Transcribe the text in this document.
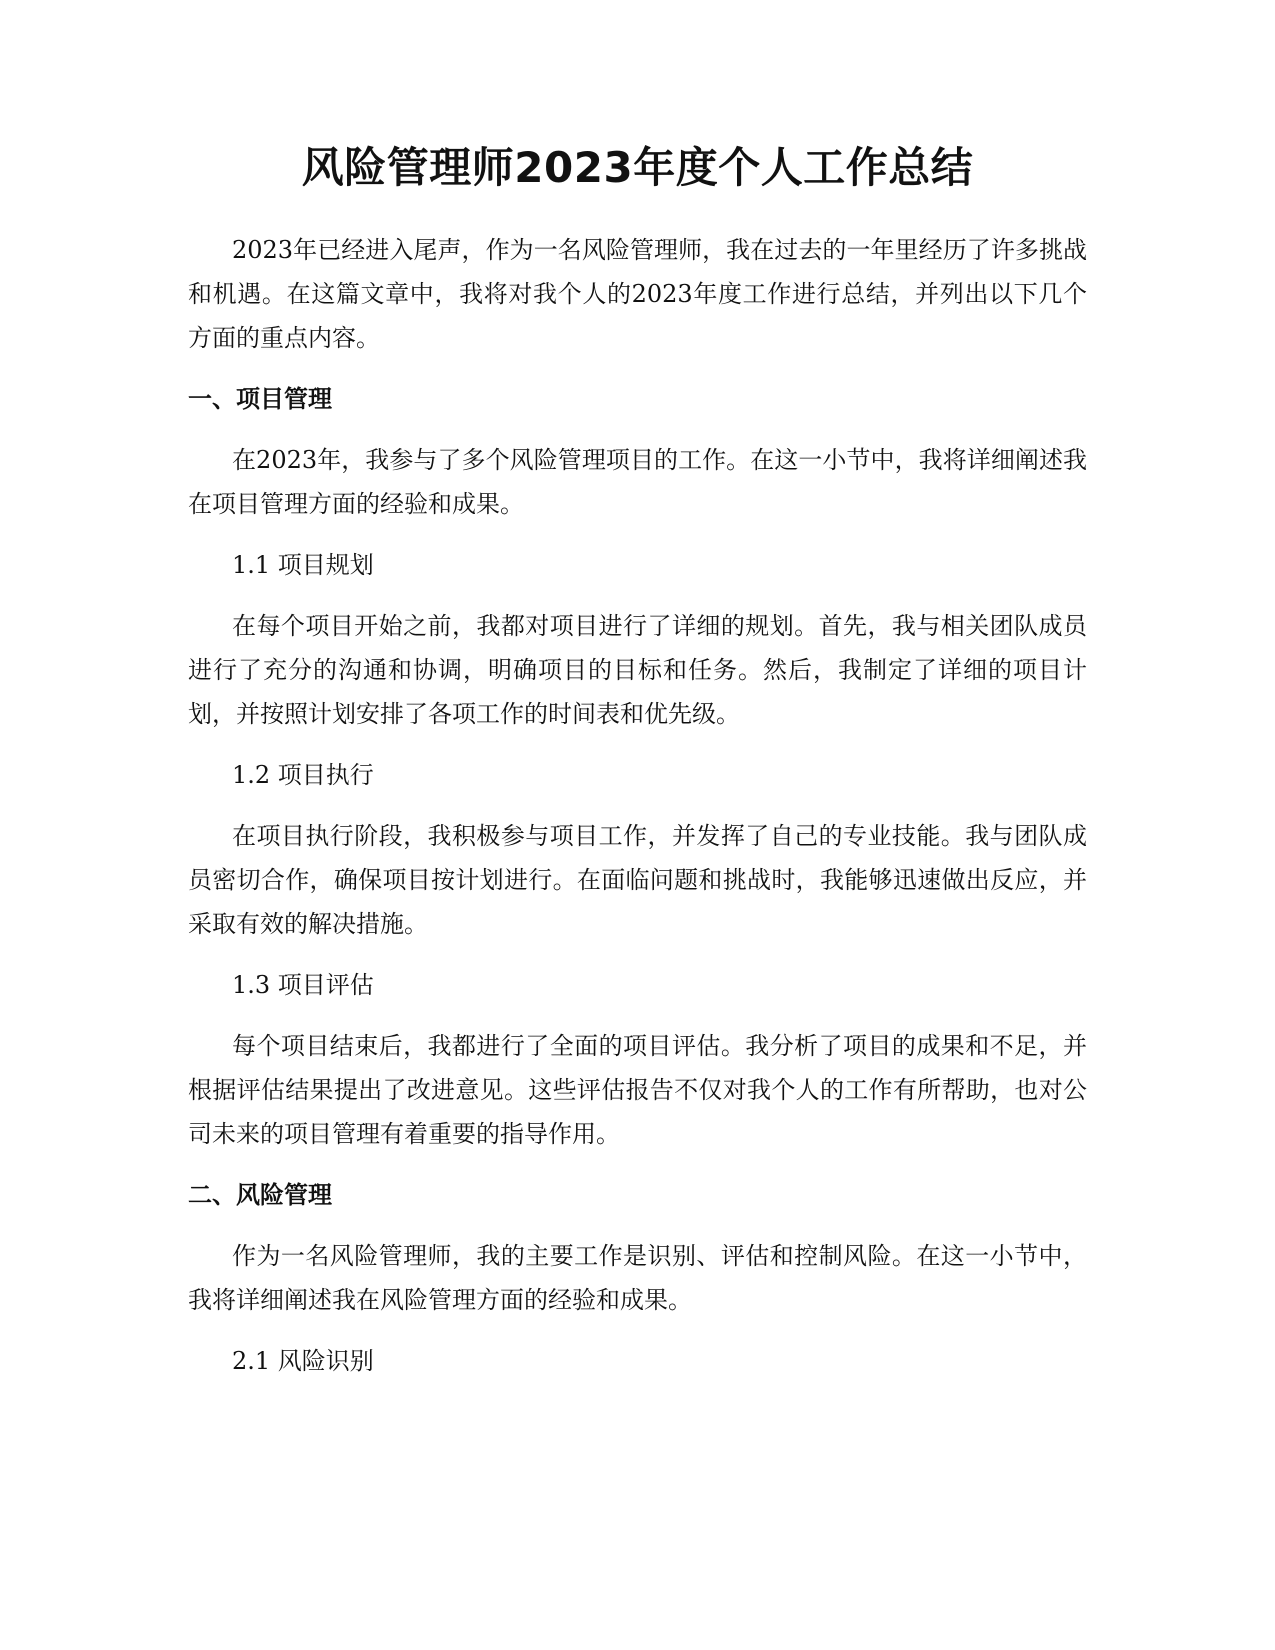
风险管理师2023年度个人工作总结

2023年已经进入尾声，作为一名风险管理师，我在过去的一年里经历了许多挑战和机遇。在这篇文章中，我将对我个人的2023年度工作进行总结，并列出以下几个方面的重点内容。

一、项目管理

在2023年，我参与了多个风险管理项目的工作。在这一小节中，我将详细阐述我在项目管理方面的经验和成果。

1.1 项目规划

在每个项目开始之前，我都对项目进行了详细的规划。首先，我与相关团队成员进行了充分的沟通和协调，明确项目的目标和任务。然后，我制定了详细的项目计划，并按照计划安排了各项工作的时间表和优先级。

1.2 项目执行

在项目执行阶段，我积极参与项目工作，并发挥了自己的专业技能。我与团队成员密切合作，确保项目按计划进行。在面临问题和挑战时，我能够迅速做出反应，并采取有效的解决措施。

1.3 项目评估

每个项目结束后，我都进行了全面的项目评估。我分析了项目的成果和不足，并根据评估结果提出了改进意见。这些评估报告不仅对我个人的工作有所帮助，也对公司未来的项目管理有着重要的指导作用。

二、风险管理

作为一名风险管理师，我的主要工作是识别、评估和控制风险。在这一小节中，我将详细阐述我在风险管理方面的经验和成果。

2.1 风险识别
